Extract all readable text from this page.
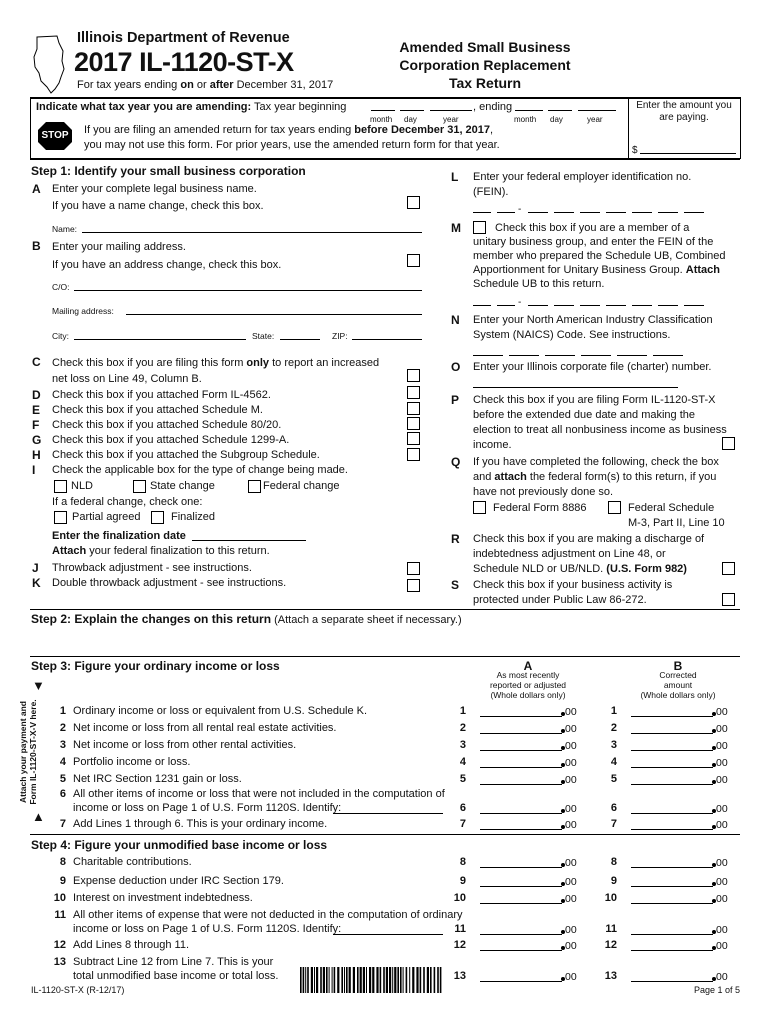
Illinois Department of Revenue
2017 IL-1120-ST-X
For tax years ending on or after December 31, 2017
Amended Small Business
Corporation Replacement
Tax Return
Indicate what tax year you are amending: Tax year beginning	, ending
month day	year	month day	year
STOP	If you are filing an amended return for tax years ending before December 31, 2017,
you may not use this form. For prior years, use the amended return form for that year.
Enter the amount you
are paying.
$
Step 1: Identify your small business corporation
A Enter your complete legal business name.
If you have a name change, check this box.
Name:
B Enter your mailing address.
If you have an address change, check this box.
C/O:
Mailing address:
City:	State:	ZIP:
C Check this box if you are filing this form only to report an increased
net loss on Line 49, Column B.
D Check this box if you attached Form IL-4562.
E Check this box if you attached Schedule M.
F Check this box if you attached Schedule 80/20.
G Check this box if you attached Schedule 1299-A.
H Check this box if you attached the Subgroup Schedule.
I Check the applicable box for the type of change being made.
NLD	State change	Federal change
If a federal change, check one:
Partial agreed	Finalized
Enter the finalization date
Attach your federal finalization to this return.
J Throwback adjustment - see instructions.
K Double throwback adjustment - see instructions.
L Enter your federal employer identification no.
(FEIN).
-
M	Check this box if you are a member of a
unitary business group, and enter the FEIN of the
member who prepared the Schedule UB, Combined
Apportionment for Unitary Business Group. Attach
Schedule UB to this return.
-
N Enter your North American Industry Classification
System (NAICS) Code. See instructions.
O Enter your Illinois corporate file (charter) number.
P Check this box if you are filing Form IL-1120-ST-X
before the extended due date and making the
election to treat all nonbusiness income as business
income.
Q If you have completed the following, check the box
and attach the federal form(s) to this return, if you
have not previously done so.
Federal Form 8886	Federal Schedule
M-3, Part II, Line 10
R Check this box if you are making a discharge of
indebtedness adjustment on Line 48, or
Schedule NLD or UB/NLD. (U.S. Form 982)
S Check this box if your business activity is
protected under Public Law 86-272.
Step 2: Explain the changes on this return (Attach a separate sheet if necessary.)
Step 3: Figure your ordinary income or loss	A
As most recently
reported or adjusted
(Whole dollars only)
B
Corrected
amount
(Whole dollars only)
▼
▲
Attach your payment and Form IL-1120-ST-X-V here.	1 Ordinary income or loss or equivalent from U.S. Schedule K.	1	00	1	00
2 Net income or loss from all rental real estate activities.	2	00	2	00
3 Net income or loss from other rental activities.	3	00	3	00
4 Portfolio income or loss.	4	00	4	00
5 Net IRC Section 1231 gain or loss.	5	00	5	00
6 All other items of income or loss that were not included in the computation of
income or loss on Page 1 of U.S. Form 1120S. Identify:	6	00	6	00
7 Add Lines 1 through 6. This is your ordinary income.	7	00	7	00
Step 4: Figure your unmodified base income or loss
8 Charitable contributions.	8	00	8	00
9 Expense deduction under IRC Section 179.	9	00	9	00
10 Interest on investment indebtedness.	10	00	10	00
11 All other items of expense that were not deducted in the computation of ordinary
income or loss on Page 1 of U.S. Form 1120S. Identify:	11	00	11	00
12 Add Lines 8 through 11.	12	00	12	00
13 Subtract Line 12 from Line 7. This is your
total unmodified base income or total loss.	13	00	13	00
IL-1120-ST-X (R-12/17)	Page 1 of 5
